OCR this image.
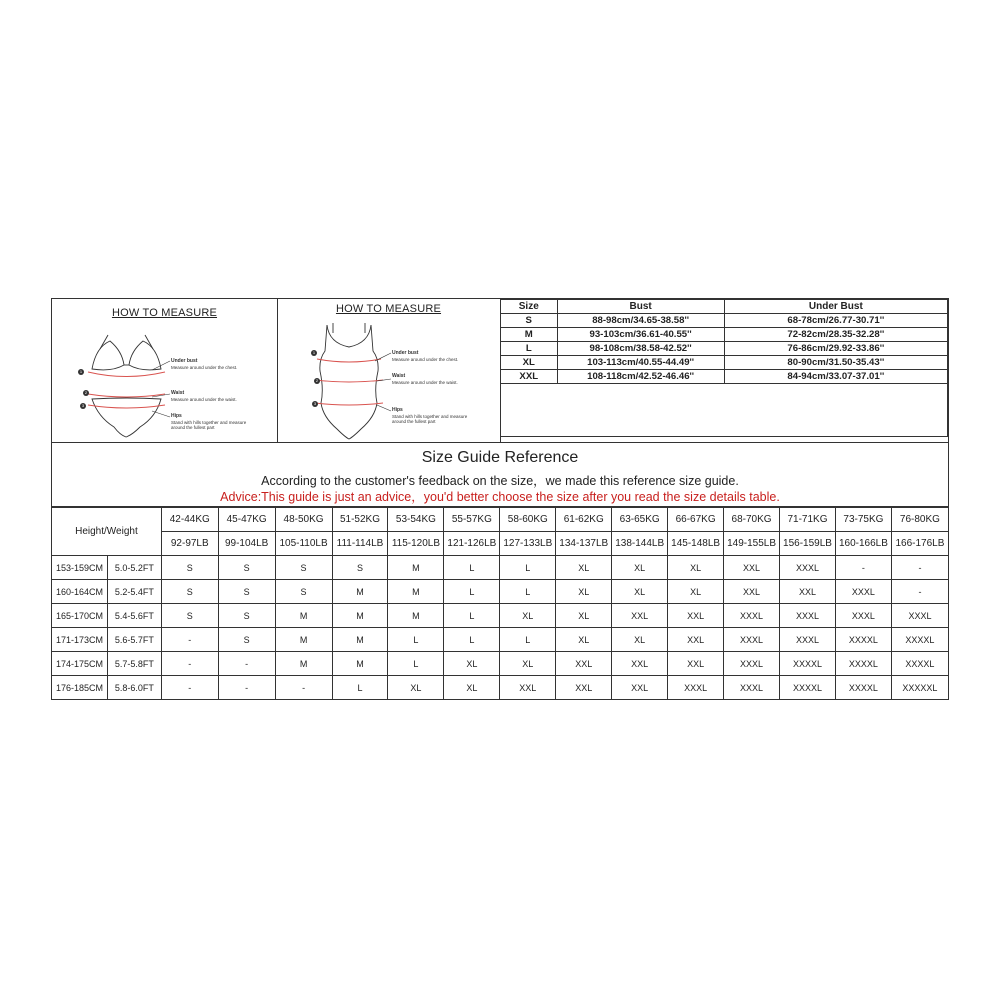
HOW TO MEASURE
1
2
3
Under bust
Measure around under the chest.
Waist
Measure around under the waist.
Hips
Stand with hills together and measure
around the fullest part
HOW TO MEASURE
1
2
3
Under bust
Measure around under the chest.
Waist
Measure around under the waist.
Hips
Stand with hills together and measure
around the fullest part
Size	Bust	Under Bust
S	88-98cm/34.65-38.58''	68-78cm/26.77-30.71''
M	93-103cm/36.61-40.55''	72-82cm/28.35-32.28''
L	98-108cm/38.58-42.52''	76-86cm/29.92-33.86''
XL	103-113cm/40.55-44.49''	80-90cm/31.50-35.43''
XXL	108-118cm/42.52-46.46''	84-94cm/33.07-37.01''

Size Guide Reference
According to the customer's feedback on the size，we made this reference size guide.
Advice:This guide is just an advice，you'd better choose the size after you read the size details table.
Height/Weight		42-44KG	45-47KG	48-50KG	51-52KG	53-54KG	55-57KG	58-60KG	61-62KG	63-65KG	66-67KG	68-70KG	71-71KG	73-75KG	76-80KG
		92-97LB	99-104LB	105-110LB	111-114LB	115-120LB	121-126LB	127-133LB	134-137LB	138-144LB	145-148LB	149-155LB	156-159LB	160-166LB	166-176LB
153-159CM	5.0-5.2FT	S	S	S	S	M	L	L	XL	XL	XL	XXL	XXXL	-	-
160-164CM	5.2-5.4FT	S	S	S	M	M	L	L	XL	XL	XL	XXL	XXL	XXXL	-
165-170CM	5.4-5.6FT	S	S	M	M	M	L	XL	XL	XXL	XXL	XXXL	XXXL	XXXL	XXXL
171-173CM	5.6-5.7FT	-	S	M	M	L	L	L	XL	XL	XXL	XXXL	XXXL	XXXXL	XXXXL
174-175CM	5.7-5.8FT	-	-	M	M	L	XL	XL	XXL	XXL	XXL	XXXL	XXXXL	XXXXL	XXXXL
176-185CM	5.8-6.0FT	-	-	-	L	XL	XL	XXL	XXL	XXL	XXXL	XXXL	XXXXL	XXXXL	XXXXXL
